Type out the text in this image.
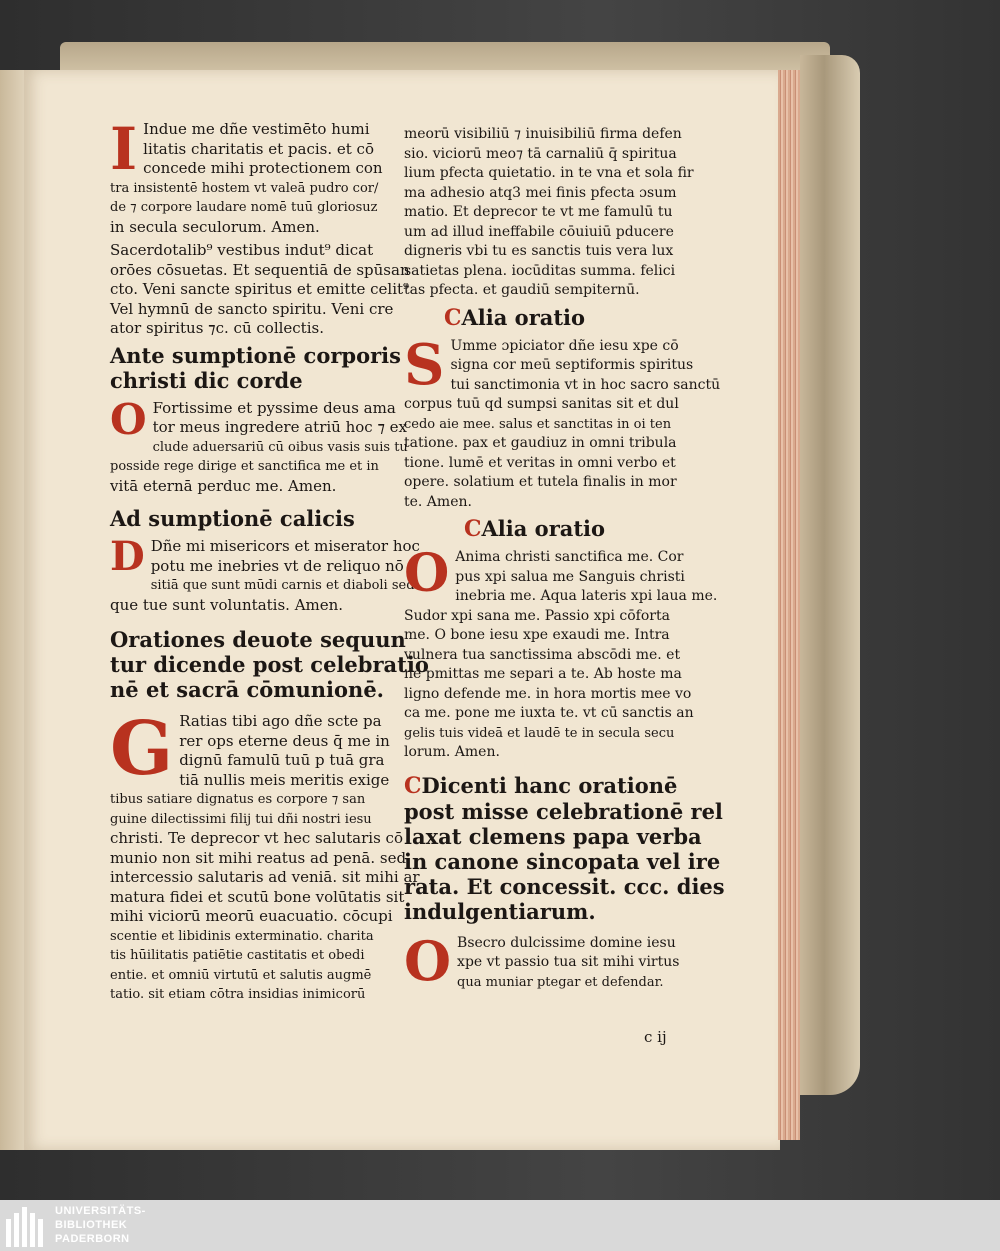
I Indue me dñe vestimēto humi
litatis charitatis et pacis. et cō
concede mihi protectionem con
tra insistentē hostem vt valeā pudro cor/
de ⁊ corpore laudare nomē tuū gloriosuz
in secula seculorum. Amen.

Sacerdotalib⁹ vestibus indut⁹ dicat
orōes cōsuetas. Et sequentiā de spūsan
cto. Veni sancte spiritus et emitte celit⁹
Vel hymnū de sancto spiritu. Veni cre
ator spiritus ⁊c. cū collectis.

Ante sumptionē corporis
christi dic corde

O Fortissime et pyssime deus ama
tor meus ingredere atriū hoc ⁊ ex
clude aduersariū cū oibus vasis suis tu
posside rege dirige et sanctifica me et in
vitā eternā perduc me. Amen.

Ad sumptionē calicis

D Dñe mi misericors et miserator hoc
potu me inebries vt de reliquo nō
sitiā que sunt mūdi carnis et diaboli sed
que tue sunt voluntatis. Amen.

Orationes deuote sequun
tur dicende post celebratio
nē et sacrā cōmunionē.

G Ratias tibi ago dñe scte pa
rer ops eterne deus q̄ me in
dignū famulū tuū p tuā gra
tiā nullis meis meritis exige
tibus satiare dignatus es corpore ⁊ san
guine dilectissimi filij tui dñi nostri iesu
christi. Te deprecor vt hec salutaris cō
munio non sit mihi reatus ad penā. sed
intercessio salutaris ad veniā. sit mihi ar
matura fidei et scutū bone volūtatis sit
mihi viciorū meorū euacuatio. cōcupi
scentie et libidinis exterminatio. charita
tis hūilitatis patiētie castitatis et obedi
entie. et omniū virtutū et salutis augmē
tatio. sit etiam cōtra insidias inimicorū

meorū visibiliū ⁊ inuisibiliū firma defen
sio. viciorū meo⁊ tā carnaliū q̄ spiritua
lium pfecta quietatio. in te vna et sola fir
ma adhesio atq3 mei finis pfecta ɔsum
matio. Et deprecor te vt me famulū tu
um ad illud ineffabile cōuiuiū pducere
digneris vbi tu es sanctis tuis vera lux
satietas plena. iocūditas summa. felici
tas pfecta. et gaudiū sempiternū.

CAlia oratio

S Umme ɔpiciator dñe iesu xpe cō
signa cor meū septiformis spiritus
tui sanctimonia vt in hoc sacro sanctū
corpus tuū qd sumpsi sanitas sit et dul
cedo aie mee. salus et sanctitas in oi ten
tatione. pax et gaudiuz in omni tribula
tione. lumē et veritas in omni verbo et
opere. solatium et tutela finalis in mor
te. Amen.

CAlia oratio

O Anima christi sanctifica me. Cor
pus xpi salua me Sanguis christi
inebria me. Aqua lateris xpi laua me.
Sudor xpi sana me. Passio xpi cōforta
me. O bone iesu xpe exaudi me. Intra
vulnera tua sanctissima abscōdi me. et
ne pmittas me separi a te. Ab hoste ma
ligno defende me. in hora mortis mee vo
ca me. pone me iuxta te. vt cū sanctis an
gelis tuis videā et laudē te in secula secu
lorum. Amen.

CDicenti hanc orationē
post misse celebrationē rel
laxat clemens papa verba
in canone sincopata vel ire
rata. Et concessit. ccc. dies
indulgentiarum.

O Bsecro dulcissime domine iesu
xpe vt passio tua sit mihi virtus
qua muniar ptegar et defendar.

c ij
UNIVERSITÄTS-
BIBLIOTHEK
PADERBORN
